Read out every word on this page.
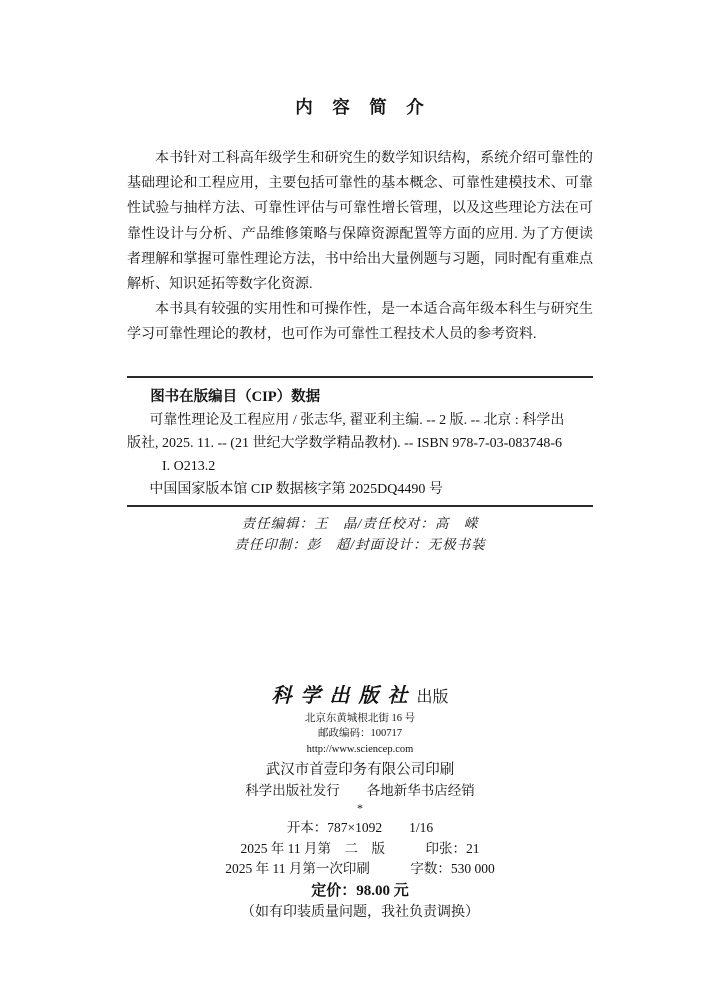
内　容　简　介

本书针对工科高年级学生和研究生的数学知识结构，系统介绍可靠性的基础理论和工程应用，主要包括可靠性的基本概念、可靠性建模技术、可靠性试验与抽样方法、可靠性评估与可靠性增长管理，以及这些理论方法在可靠性设计与分析、产品维修策略与保障资源配置等方面的应用. 为了方便读者理解和掌握可靠性理论方法，书中给出大量例题与习题，同时配有重难点解析、知识延拓等数字化资源.

本书具有较强的实用性和可操作性，是一本适合高年级本科生与研究生学习可靠性理论的教材，也可作为可靠性工程技术人员的参考资料.

图书在版编目（CIP）数据
可靠性理论及工程应用 / 张志华, 翟亚利主编. -- 2 版. -- 北京 : 科学出
版社, 2025. 11. -- (21 世纪大学数学精品教材). -- ISBN 978-7-03-083748-6
I. O213.2
中国国家版本馆 CIP 数据核字第 2025DQ4490 号
责任编辑：王　晶/责任校对：高　嵘
责任印制：彭　超/封面设计：无极书装
科学出版社出版
北京东黄城根北街 16 号
邮政编码：100717
http://www.sciencep.com
武汉市首壹印务有限公司印刷
科学出版社发行　　各地新华书店经销
*
开本：787×1092　　1/16
2025 年 11 月第　二　版　　　印张：21
2025 年 11 月第一次印刷　　　字数：530 000
定价：98.00 元
（如有印装质量问题，我社负责调换）
